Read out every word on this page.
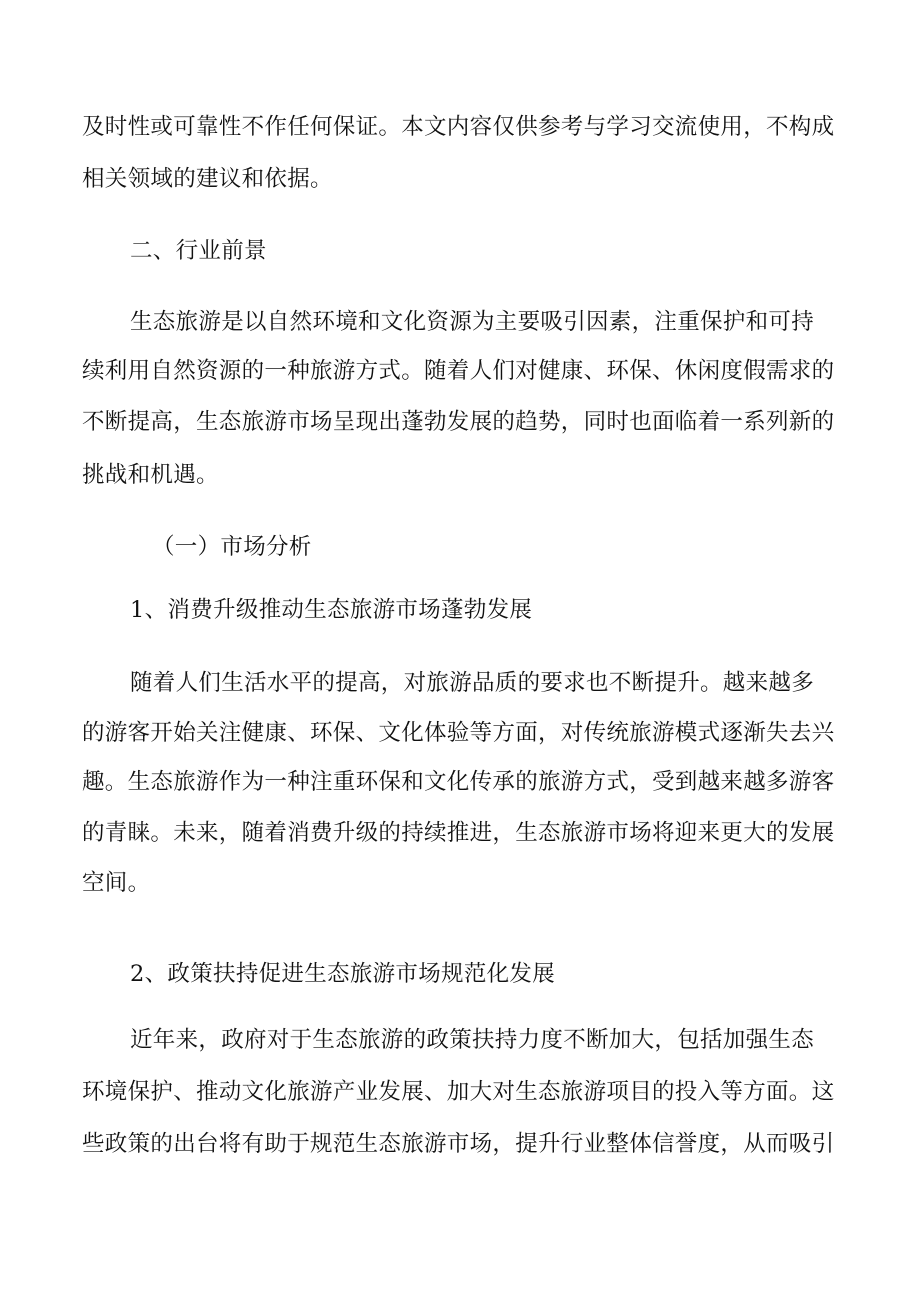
及时性或可靠性不作任何保证。本文内容仅供参考与学习交流使用，不构成
相关领域的建议和依据。
二、行业前景
生态旅游是以自然环境和文化资源为主要吸引因素，注重保护和可持
续利用自然资源的一种旅游方式。随着人们对健康、环保、休闲度假需求的
不断提高，生态旅游市场呈现出蓬勃发展的趋势，同时也面临着一系列新的
挑战和机遇。
（一）市场分析
1、消费升级推动生态旅游市场蓬勃发展
随着人们生活水平的提高，对旅游品质的要求也不断提升。越来越多
的游客开始关注健康、环保、文化体验等方面，对传统旅游模式逐渐失去兴
趣。生态旅游作为一种注重环保和文化传承的旅游方式，受到越来越多游客
的青睐。未来，随着消费升级的持续推进，生态旅游市场将迎来更大的发展
空间。
2、政策扶持促进生态旅游市场规范化发展
近年来，政府对于生态旅游的政策扶持力度不断加大，包括加强生态
环境保护、推动文化旅游产业发展、加大对生态旅游项目的投入等方面。这
些政策的出台将有助于规范生态旅游市场，提升行业整体信誉度，从而吸引
